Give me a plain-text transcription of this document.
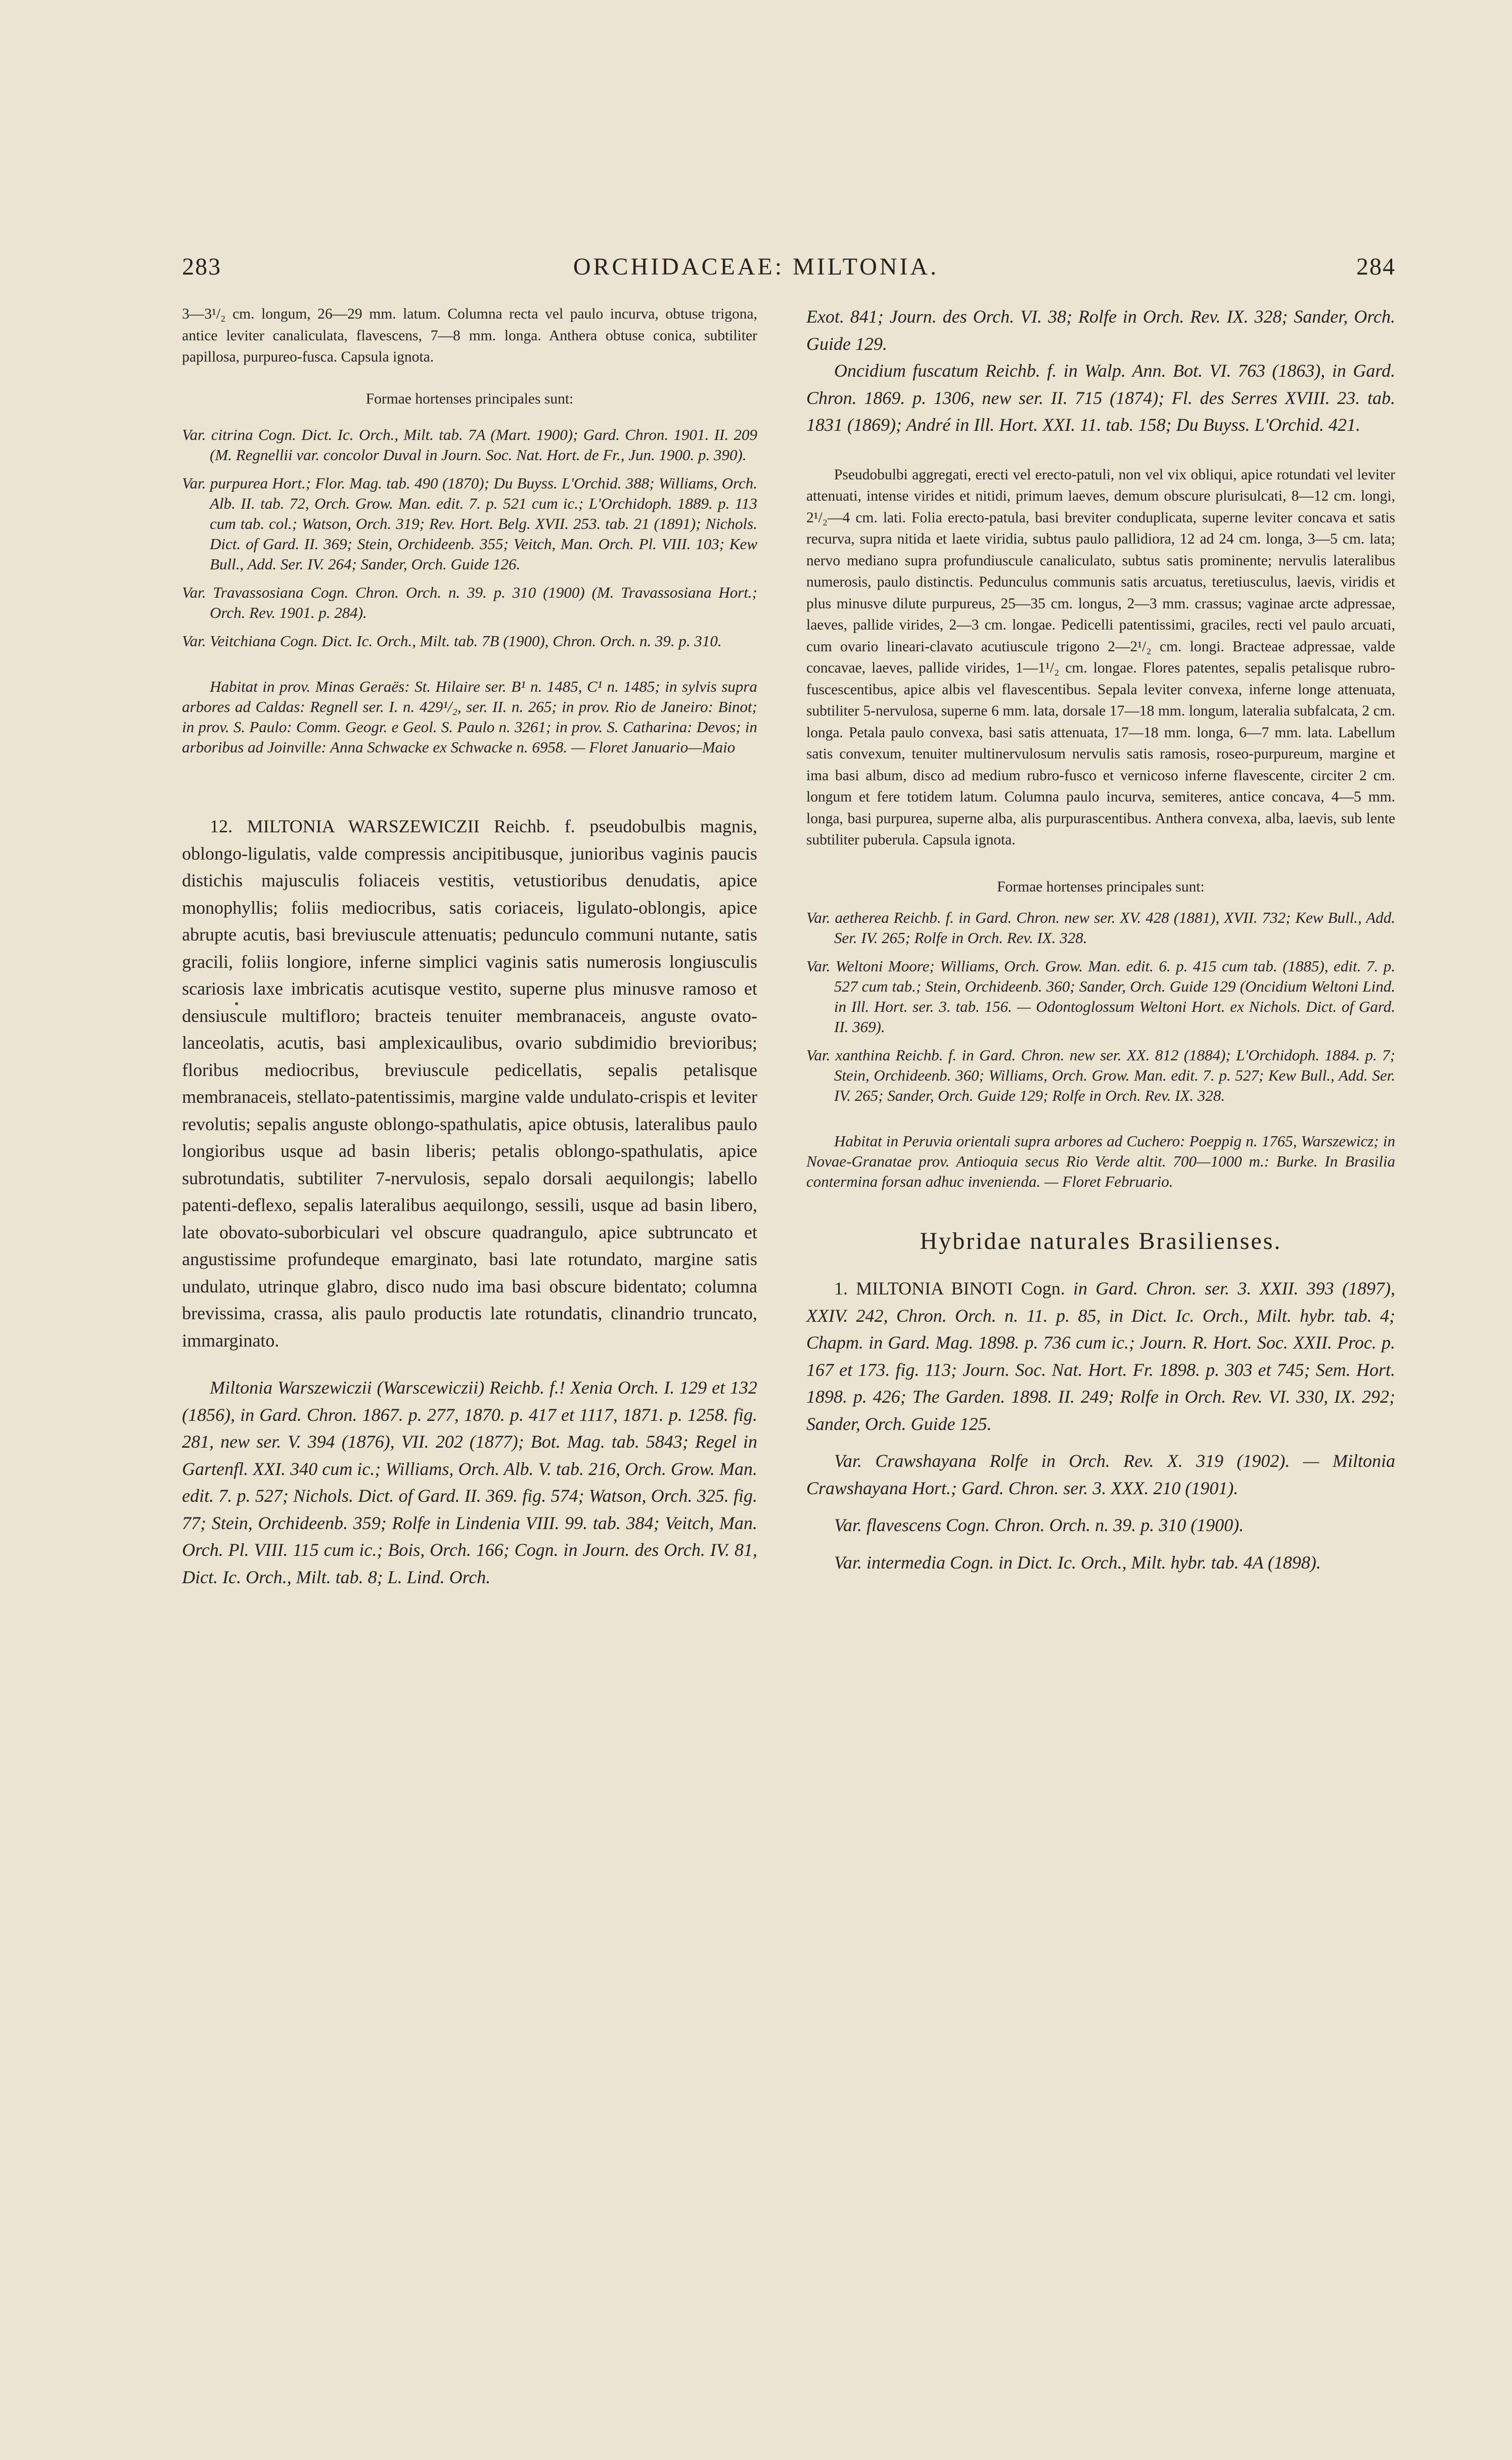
283	ORCHIDACEAE: MILTONIA.	284

3—3¹/₂ cm. longum, 26—29 mm. latum. Columna recta vel paulo incurva, obtuse trigona, antice leviter canaliculata, flavescens, 7—8 mm. longa. Anthera obtuse conica, subtiliter papillosa, purpureo-fusca. Capsula ignota.

Formae hortenses principales sunt:

Var. citrina Cogn. Dict. Ic. Orch., Milt. tab. 7A (Mart. 1900); Gard. Chron. 1901. II. 209 (M. Regnellii var. concolor Duval in Journ. Soc. Nat. Hort. de Fr., Jun. 1900. p. 390).

Var. purpurea Hort.; Flor. Mag. tab. 490 (1870); Du Buyss. L'Orchid. 388; Williams, Orch. Alb. II. tab. 72, Orch. Grow. Man. edit. 7. p. 521 cum ic.; L'Orchidoph. 1889. p. 113 cum tab. col.; Watson, Orch. 319; Rev. Hort. Belg. XVII. 253. tab. 21 (1891); Nichols. Dict. of Gard. II. 369; Stein, Orchideenb. 355; Veitch, Man. Orch. Pl. VIII. 103; Kew Bull., Add. Ser. IV. 264; Sander, Orch. Guide 126.

Var. Travassosiana Cogn. Chron. Orch. n. 39. p. 310 (1900) (M. Travassosiana Hort.; Orch. Rev. 1901. p. 284).

Var. Veitchiana Cogn. Dict. Ic. Orch., Milt. tab. 7B (1900), Chron. Orch. n. 39. p. 310.

Habitat in prov. Minas Geraës: St. Hilaire ser. B¹ n. 1485, C¹ n. 1485; in sylvis supra arbores ad Caldas: Regnell ser. I. n. 429¹/₂, ser. II. n. 265; in prov. Rio de Janeiro: Binot; in prov. S. Paulo: Comm. Geogr. e Geol. S. Paulo n. 3261; in prov. S. Catharina: Devos; in arboribus ad Joinville: Anna Schwacke ex Schwacke n. 6958. — Floret Januario—Maio

12. MILTONIA WARSZEWICZII Reichb. f. pseudobulbis magnis, oblongo-ligulatis, valde compressis ancipitibusque, junioribus vaginis paucis distichis majusculis foliaceis vestitis, vetustioribus denudatis, apice monophyllis; foliis mediocribus, satis coriaceis, ligulato-oblongis, apice abrupte acutis, basi breviuscule attenuatis; pedunculo communi nutante, satis gracili, foliis longiore, inferne simplici vaginis satis numerosis longiusculis scariosis laxe imbricatis acutisque vestito, superne plus minusve ramoso et densiuscule multifloro; bracteis tenuiter membranaceis, anguste ovato-lanceolatis, acutis, basi amplexicaulibus, ovario subdimidio brevioribus; floribus mediocribus, breviuscule pedicellatis, sepalis petalisque membranaceis, stellato-patentissimis, margine valde undulato-crispis et leviter revolutis; sepalis anguste oblongo-spathulatis, apice obtusis, lateralibus paulo longioribus usque ad basin liberis; petalis oblongo-spathulatis, apice subrotundatis, subtiliter 7-nervulosis, sepalo dorsali aequilongis; labello patenti-deflexo, sepalis lateralibus aequilongo, sessili, usque ad basin libero, late obovato-suborbiculari vel obscure quadrangulo, apice subtruncato et angustissime profundeque emarginato, basi late rotundato, margine satis undulato, utrinque glabro, disco nudo ima basi obscure bidentato; columna brevissima, crassa, alis paulo productis late rotundatis, clinandrio truncato, immarginato.

Miltonia Warszewiczii (Warscewiczii) Reichb. f.! Xenia Orch. I. 129 et 132 (1856), in Gard. Chron. 1867. p. 277, 1870. p. 417 et 1117, 1871. p. 1258. fig. 281, new ser. V. 394 (1876), VII. 202 (1877); Bot. Mag. tab. 5843; Regel in Gartenfl. XXI. 340 cum ic.; Williams, Orch. Alb. V. tab. 216, Orch. Grow. Man. edit. 7. p. 527; Nichols. Dict. of Gard. II. 369. fig. 574; Watson, Orch. 325. fig. 77; Stein, Orchideenb. 359; Rolfe in Lindenia VIII. 99. tab. 384; Veitch, Man. Orch. Pl. VIII. 115 cum ic.; Bois, Orch. 166; Cogn. in Journ. des Orch. IV. 81, Dict. Ic. Orch., Milt. tab. 8; L. Lind. Orch.

Exot. 841; Journ. des Orch. VI. 38; Rolfe in Orch. Rev. IX. 328; Sander, Orch. Guide 129.

Oncidium fuscatum Reichb. f. in Walp. Ann. Bot. VI. 763 (1863), in Gard. Chron. 1869. p. 1306, new ser. II. 715 (1874); Fl. des Serres XVIII. 23. tab. 1831 (1869); André in Ill. Hort. XXI. 11. tab. 158; Du Buyss. L'Orchid. 421.

Pseudobulbi aggregati, erecti vel erecto-patuli, non vel vix obliqui, apice rotundati vel leviter attenuati, intense virides et nitidi, primum laeves, demum obscure plurisulcati, 8—12 cm. longi, 2¹/₂—4 cm. lati. Folia erecto-patula, basi breviter conduplicata, superne leviter concava et satis recurva, supra nitida et laete viridia, subtus paulo pallidiora, 12 ad 24 cm. longa, 3—5 cm. lata; nervo mediano supra profundiuscule canaliculato, subtus satis prominente; nervulis lateralibus numerosis, paulo distinctis. Pedunculus communis satis arcuatus, teretiusculus, laevis, viridis et plus minusve dilute purpureus, 25—35 cm. longus, 2—3 mm. crassus; vaginae arcte adpressae, laeves, pallide virides, 2—3 cm. longae. Pedicelli patentissimi, graciles, recti vel paulo arcuati, cum ovario lineari-clavato acutiuscule trigono 2—2¹/₂ cm. longi. Bracteae adpressae, valde concavae, laeves, pallide virides, 1—1¹/₂ cm. longae. Flores patentes, sepalis petalisque rubro-fuscescentibus, apice albis vel flavescentibus. Sepala leviter convexa, inferne longe attenuata, subtiliter 5-nervulosa, superne 6 mm. lata, dorsale 17—18 mm. longum, lateralia subfalcata, 2 cm. longa. Petala paulo convexa, basi satis attenuata, 17—18 mm. longa, 6—7 mm. lata. Labellum satis convexum, tenuiter multinervulosum nervulis satis ramosis, roseo-purpureum, margine et ima basi album, disco ad medium rubro-fusco et vernicoso inferne flavescente, circiter 2 cm. longum et fere totidem latum. Columna paulo incurva, semiteres, antice concava, 4—5 mm. longa, basi purpurea, superne alba, alis purpurascentibus. Anthera convexa, alba, laevis, sub lente subtiliter puberula. Capsula ignota.

Formae hortenses principales sunt:

Var. aetherea Reichb. f. in Gard. Chron. new ser. XV. 428 (1881), XVII. 732; Kew Bull., Add. Ser. IV. 265; Rolfe in Orch. Rev. IX. 328.

Var. Weltoni Moore; Williams, Orch. Grow. Man. edit. 6. p. 415 cum tab. (1885), edit. 7. p. 527 cum tab.; Stein, Orchideenb. 360; Sander, Orch. Guide 129 (Oncidium Weltoni Lind. in Ill. Hort. ser. 3. tab. 156. — Odontoglossum Weltoni Hort. ex Nichols. Dict. of Gard. II. 369).

Var. xanthina Reichb. f. in Gard. Chron. new ser. XX. 812 (1884); L'Orchidoph. 1884. p. 7; Stein, Orchideenb. 360; Williams, Orch. Grow. Man. edit. 7. p. 527; Kew Bull., Add. Ser. IV. 265; Sander, Orch. Guide 129; Rolfe in Orch. Rev. IX. 328.

Habitat in Peruvia orientali supra arbores ad Cuchero: Poeppig n. 1765, Warszewicz; in Novae-Granatae prov. Antioquia secus Rio Verde altit. 700—1000 m.: Burke. In Brasilia contermina forsan adhuc invenienda. — Floret Februario.

Hybridae naturales Brasilienses.

1. MILTONIA BINOTI Cogn. in Gard. Chron. ser. 3. XXII. 393 (1897), XXIV. 242, Chron. Orch. n. 11. p. 85, in Dict. Ic. Orch., Milt. hybr. tab. 4; Chapm. in Gard. Mag. 1898. p. 736 cum ic.; Journ. R. Hort. Soc. XXII. Proc. p. 167 et 173. fig. 113; Journ. Soc. Nat. Hort. Fr. 1898. p. 303 et 745; Sem. Hort. 1898. p. 426; The Garden. 1898. II. 249; Rolfe in Orch. Rev. VI. 330, IX. 292; Sander, Orch. Guide 125.

Var. Crawshayana Rolfe in Orch. Rev. X. 319 (1902). — Miltonia Crawshayana Hort.; Gard. Chron. ser. 3. XXX. 210 (1901).

Var. flavescens Cogn. Chron. Orch. n. 39. p. 310 (1900).

Var. intermedia Cogn. in Dict. Ic. Orch., Milt. hybr. tab. 4A (1898).
